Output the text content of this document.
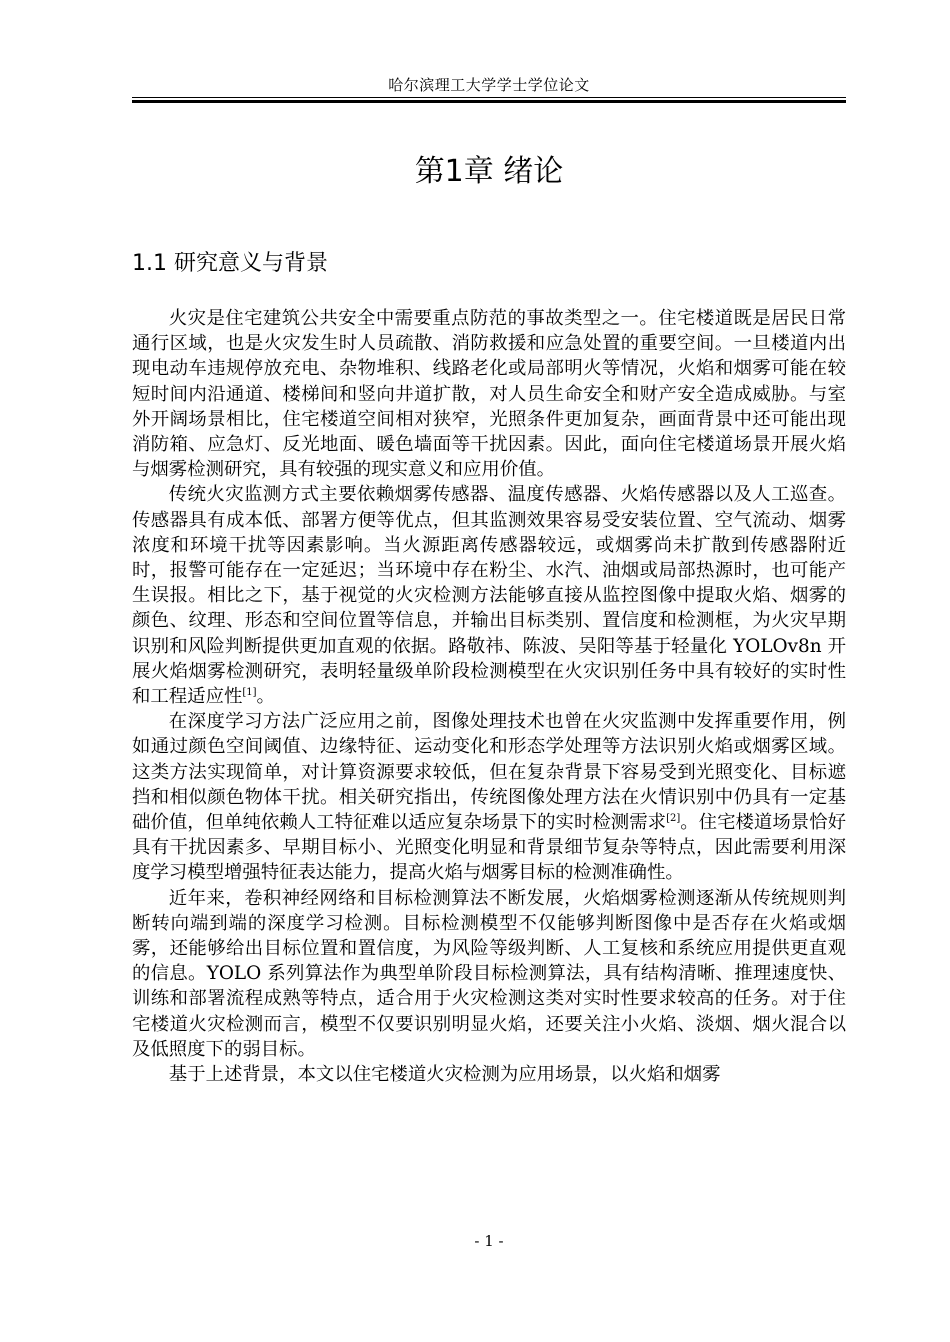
哈尔滨理工大学学士学位论文
第1章 绪论
1.1 研究意义与背景

火灾是住宅建筑公共安全中需要重点防范的事故类型之一。住宅楼道既是居民日常通行区域，也是火灾发生时人员疏散、消防救援和应急处置的重要空间。一旦楼道内出现电动车违规停放充电、杂物堆积、线路老化或局部明火等情况，火焰和烟雾可能在较短时间内沿通道、楼梯间和竖向井道扩散，对人员生命安全和财产安全造成威胁。与室外开阔场景相比，住宅楼道空间相对狭窄，光照条件更加复杂，画面背景中还可能出现消防箱、应急灯、反光地面、暖色墙面等干扰因素。因此，面向住宅楼道场景开展火焰与烟雾检测研究，具有较强的现实意义和应用价值。

传统火灾监测方式主要依赖烟雾传感器、温度传感器、火焰传感器以及人工巡查。传感器具有成本低、部署方便等优点，但其监测效果容易受安装位置、空气流动、烟雾浓度和环境干扰等因素影响。当火源距离传感器较远，或烟雾尚未扩散到传感器附近时，报警可能存在一定延迟；当环境中存在粉尘、水汽、油烟或局部热源时，也可能产生误报。相比之下，基于视觉的火灾检测方法能够直接从监控图像中提取火焰、烟雾的颜色、纹理、形态和空间位置等信息，并输出目标类别、置信度和检测框，为火灾早期识别和风险判断提供更加直观的依据。路敬祎、陈波、吴阳等基于轻量化 YOLOv8n 开展火焰烟雾检测研究，表明轻量级单阶段检测模型在火灾识别任务中具有较好的实时性和工程适应性[1]。

在深度学习方法广泛应用之前，图像处理技术也曾在火灾监测中发挥重要作用，例如通过颜色空间阈值、边缘特征、运动变化和形态学处理等方法识别火焰或烟雾区域。这类方法实现简单，对计算资源要求较低，但在复杂背景下容易受到光照变化、目标遮挡和相似颜色物体干扰。相关研究指出，传统图像处理方法在火情识别中仍具有一定基础价值，但单纯依赖人工特征难以适应复杂场景下的实时检测需求[2]。住宅楼道场景恰好具有干扰因素多、早期目标小、光照变化明显和背景细节复杂等特点，因此需要利用深度学习模型增强特征表达能力，提高火焰与烟雾目标的检测准确性。

近年来，卷积神经网络和目标检测算法不断发展，火焰烟雾检测逐渐从传统规则判断转向端到端的深度学习检测。目标检测模型不仅能够判断图像中是否存在火焰或烟雾，还能够给出目标位置和置信度，为风险等级判断、人工复核和系统应用提供更直观的信息。YOLO 系列算法作为典型单阶段目标检测算法，具有结构清晰、推理速度快、训练和部署流程成熟等特点，适合用于火灾检测这类对实时性要求较高的任务。对于住宅楼道火灾检测而言，模型不仅要识别明显火焰，还要关注小火焰、淡烟、烟火混合以及低照度下的弱目标。

基于上述背景，本文以住宅楼道火灾检测为应用场景，以火焰和烟雾

- 1 -
